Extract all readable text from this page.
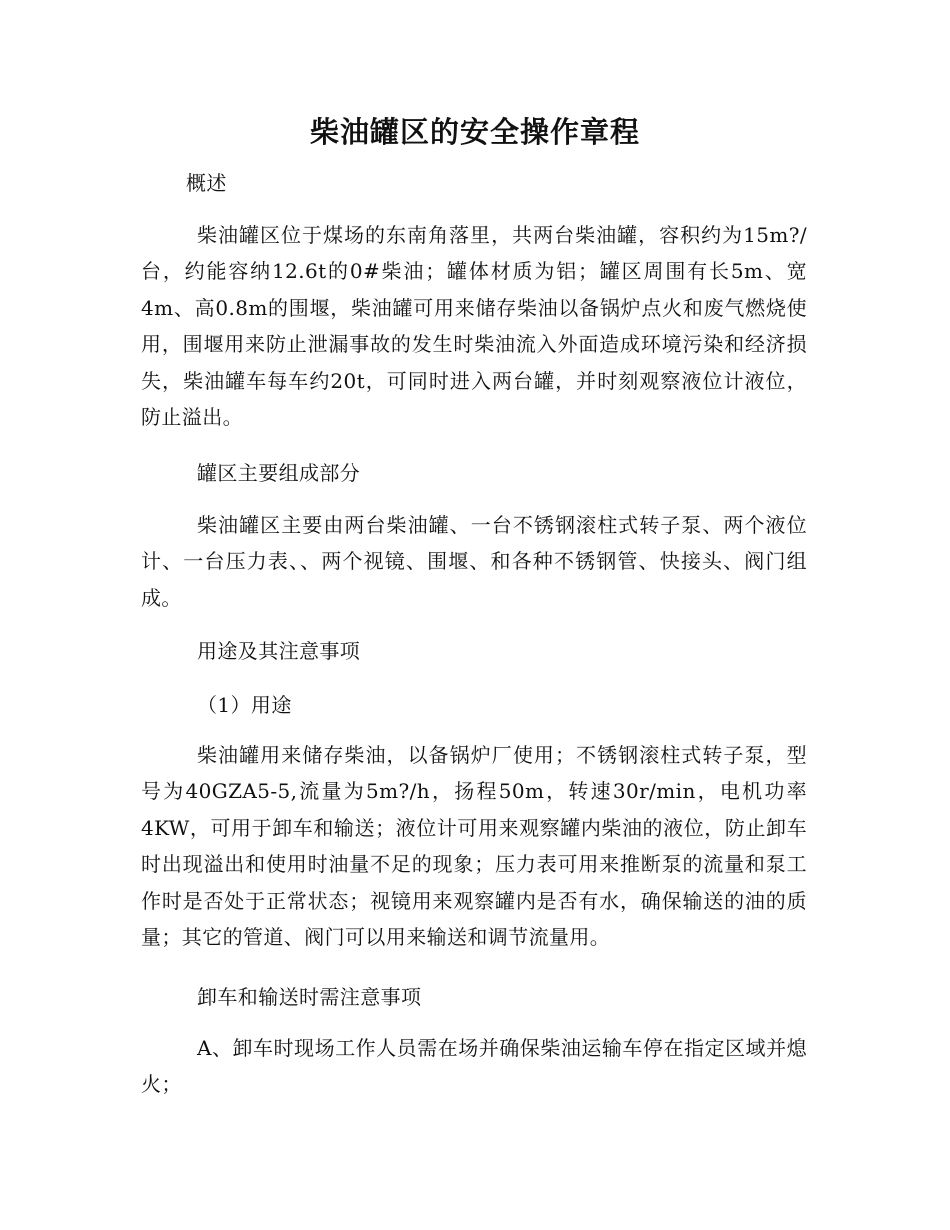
柴油罐区的安全操作章程

概述

柴油罐区位于煤场的东南角落里，共两台柴油罐，容积约为15m?/台，约能容纳12.6t的0#柴油；罐体材质为铝；罐区周围有长5m、宽4m、高0.8m的围堰，柴油罐可用来储存柴油以备锅炉点火和废气燃烧使用，围堰用来防止泄漏事故的发生时柴油流入外面造成环境污染和经济损失，柴油罐车每车约20t，可同时进入两台罐，并时刻观察液位计液位，防止溢出。

罐区主要组成部分

柴油罐区主要由两台柴油罐、一台不锈钢滚柱式转子泵、两个液位计、一台压力表、、两个视镜、围堰、和各种不锈钢管、快接头、阀门组成。

用途及其注意事项

（1）用途

柴油罐用来储存柴油，以备锅炉厂使用；不锈钢滚柱式转子泵，型号为40GZA5-5,流量为5m?/h，扬程50m，转速30r/min，电机功率4KW，可用于卸车和输送；液位计可用来观察罐内柴油的液位，防止卸车时出现溢出和使用时油量不足的现象；压力表可用来推断泵的流量和泵工作时是否处于正常状态；视镜用来观察罐内是否有水，确保输送的油的质量；其它的管道、阀门可以用来输送和调节流量用。

卸车和输送时需注意事项

A、卸车时现场工作人员需在场并确保柴油运输车停在指定区域并熄火；
